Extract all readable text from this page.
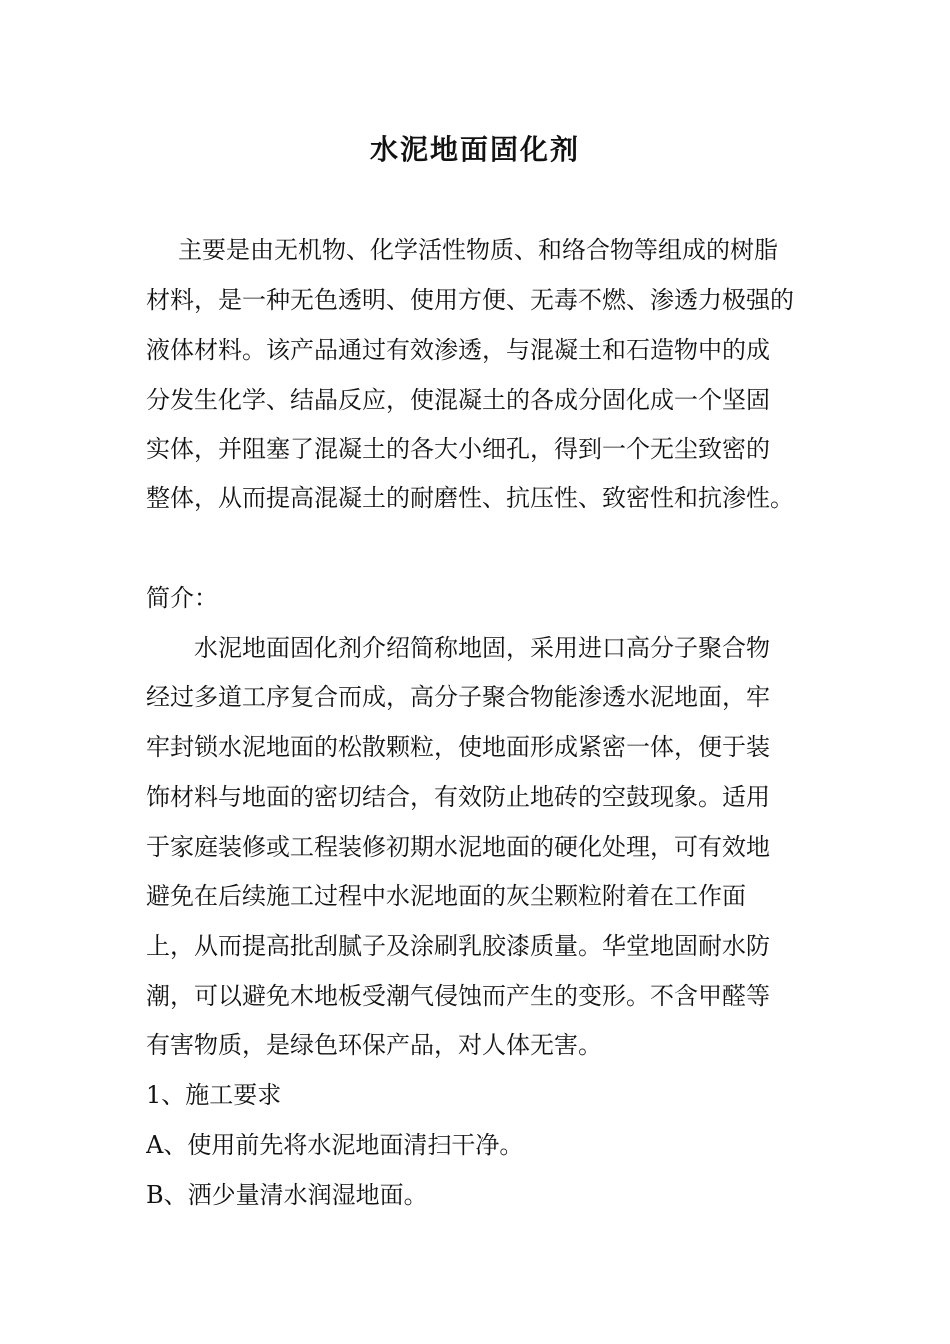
水泥地面固化剂
主要是由无机物、化学活性物质、和络合物等组成的树脂
材料，是一种无色透明、使用方便、无毒不燃、渗透力极强的
液体材料。该产品通过有效渗透，与混凝土和石造物中的成
分发生化学、结晶反应，使混凝土的各成分固化成一个坚固
实体，并阻塞了混凝土的各大小细孔，得到一个无尘致密的
整体，从而提高混凝土的耐磨性、抗压性、致密性和抗渗性。
简介：
水泥地面固化剂介绍简称地固，采用进口高分子聚合物
经过多道工序复合而成，高分子聚合物能渗透水泥地面，牢
牢封锁水泥地面的松散颗粒，使地面形成紧密一体，便于装
饰材料与地面的密切结合，有效防止地砖的空鼓现象。适用
于家庭装修或工程装修初期水泥地面的硬化处理，可有效地
避免在后续施工过程中水泥地面的灰尘颗粒附着在工作面
上，从而提高批刮腻子及涂刷乳胶漆质量。华堂地固耐水防
潮，可以避免木地板受潮气侵蚀而产生的变形。不含甲醛等
有害物质，是绿色环保产品，对人体无害。
1、施工要求
A、使用前先将水泥地面清扫干净。
B、洒少量清水润湿地面。
